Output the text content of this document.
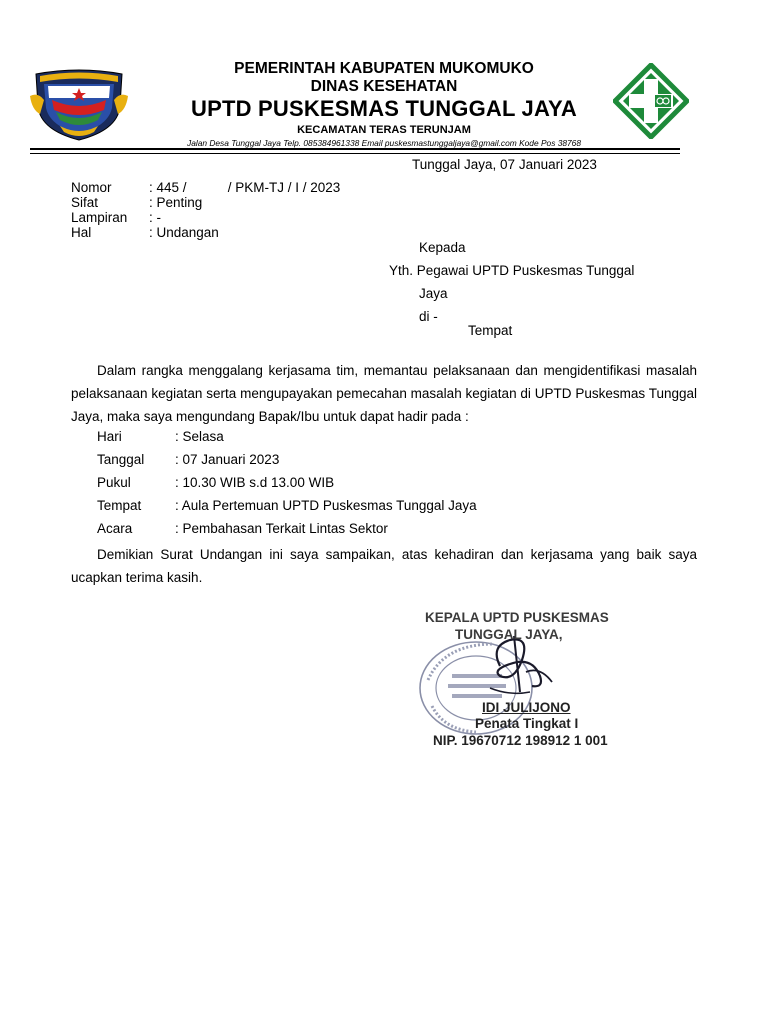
PEMERINTAH KABUPATEN MUKOMUKO
DINAS KESEHATAN
UPTD PUSKESMAS TUNGGAL JAYA
KECAMATAN TERAS TERUNJAM
Jalan Desa Tunggal Jaya Telp. 085384961338 Email puskesmastunggaljaya@gmail.com Kode Pos 38768
Tunggal Jaya, 07 Januari 2023
Nomor	: 445 /           / PKM-TJ / I / 2023
Sifat	: Penting
Lampiran	: -
Hal	: Undangan
Kepada
Yth. Pegawai UPTD Puskesmas Tunggal
Jaya
di -
Tempat
Dalam rangka menggalang kerjasama tim, memantau pelaksanaan dan mengidentifikasi masalah pelaksanaan kegiatan serta mengupayakan pemecahan masalah kegiatan di UPTD Puskesmas Tunggal Jaya, maka saya mengundang Bapak/Ibu untuk dapat hadir pada :
Hari	: Selasa
Tanggal	: 07 Januari 2023
Pukul	: 10.30 WIB s.d 13.00 WIB
Tempat	: Aula Pertemuan UPTD Puskesmas Tunggal Jaya
Acara	: Pembahasan Terkait Lintas Sektor
Demikian Surat Undangan ini saya sampaikan, atas kehadiran dan kerjasama yang baik saya ucapkan terima kasih.
KEPALA UPTD PUSKESMAS
TUNGGAL JAYA,
IDI JULIJONO
Penata Tingkat I
NIP. 19670712 198912 1 001
